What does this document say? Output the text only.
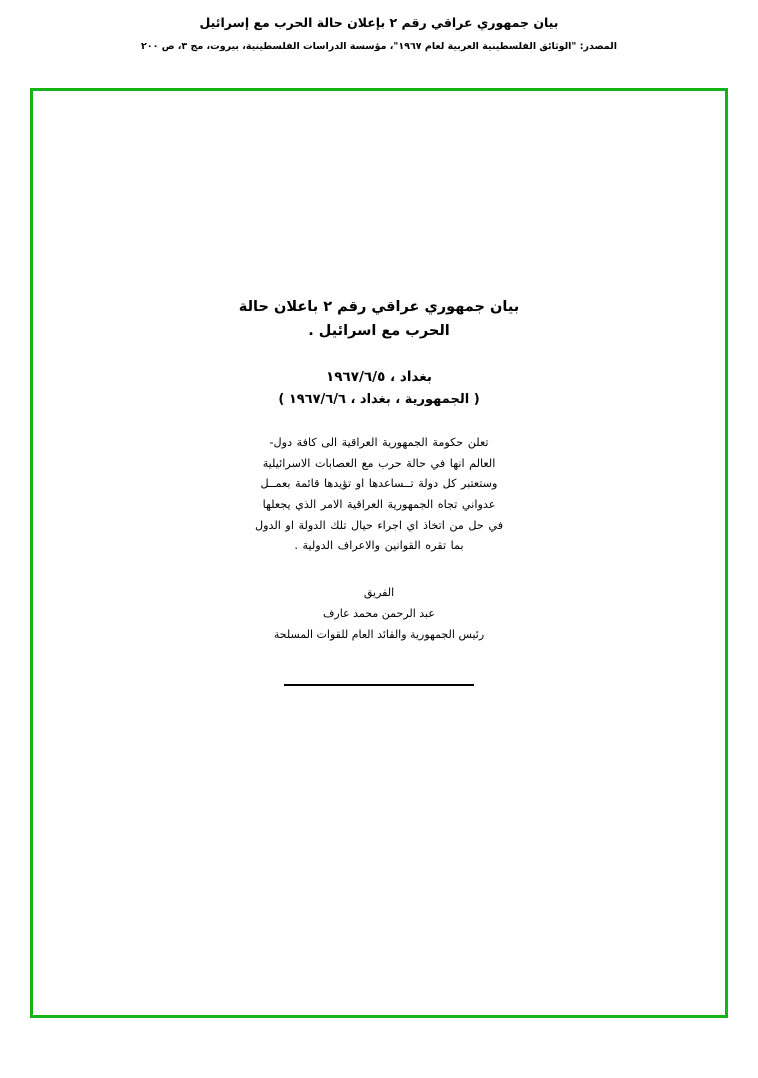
بيان جمهوري عراقي رقم ٢ بإعلان حالة الحرب مع إسرائيل
المصدر: "الوثائق الفلسطينية العربية لعام ١٩٦٧"، مؤسسة الدراسات الفلسطينية، بيروت، مج ٣، ص ٢٠٠
بيان جمهوري عراقي رقم ٢ باعلان حالة
الحرب مع اسرائيل .
بغداد ، ١٩٦٧/٦/٥
( الجمهورية ، بغداد ، ١٩٦٧/٦/٦ )
تعلن حكومة الجمهورية العراقية الى كافة دول-
العالم انها في حالة حرب مع العصابات الاسرائيلية
وستعتبر كل دولة تــساعدها او تؤيدها قائمة بعمــل
عدواني تجاه الجمهورية العراقية الامر الذي يجعلها
في حل من اتخاذ اي اجراء حيال تلك الدولة او الدول
بما تقره القوانين والاعراف الدولية .
الفريق
عبد الرحمن محمد عارف
رئيس الجمهورية والقائد العام للقوات المسلحة
